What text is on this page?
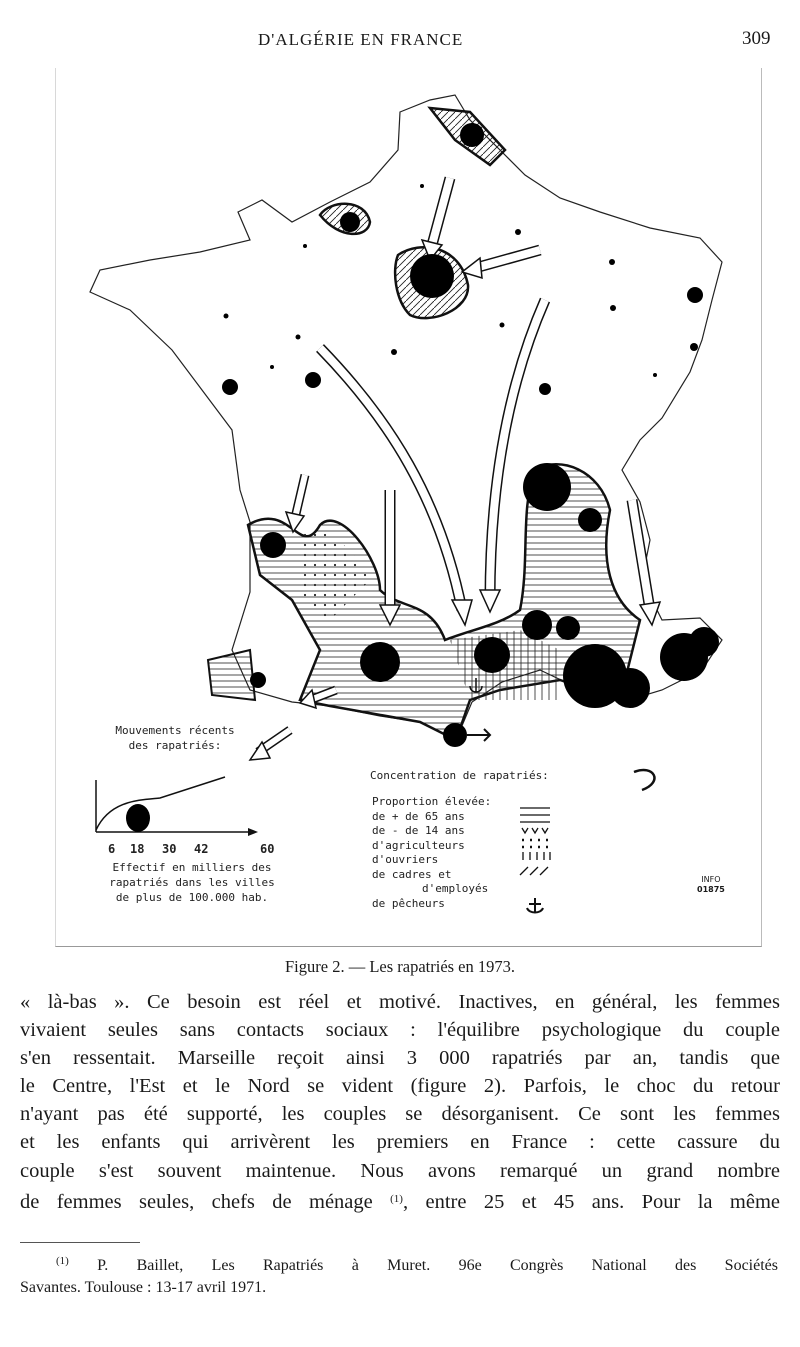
D'ALGÉRIE EN FRANCE	309
Mouvements récents
des rapatriés:
6 18 30 42	60
Effectif en milliers des
rapatriés dans les villes
de plus de 100.000 hab.
Concentration de rapatriés:
Proportion élevée:
de + de 65 ans
de - de 14 ans
d'agriculteurs
d'ouvriers
de cadres et
d'employés
de pêcheurs
INFO
01875
Figure 2. — Les rapatriés en 1973.
« là-bas ». Ce besoin est réel et motivé. Inactives, en général, les femmes
vivaient seules sans contacts sociaux : l'équilibre psychologique du couple
s'en ressentait. Marseille reçoit ainsi 3 000 rapatriés par an, tandis que
le Centre, l'Est et le Nord se vident (figure 2). Parfois, le choc du retour
n'ayant pas été supporté, les couples se désorganisent. Ce sont les femmes
et les enfants qui arrivèrent les premiers en France : cette cassure du
couple s'est souvent maintenue. Nous avons remarqué un grand nombre
de femmes seules, chefs de ménage $^{(1)}$, entre 25 et 45 ans. Pour la même
$^{(1)}$ P. Baillet, Les Rapatriés à Muret. 96e Congrès National des Sociétés
Savantes. Toulouse : 13-17 avril 1971.
